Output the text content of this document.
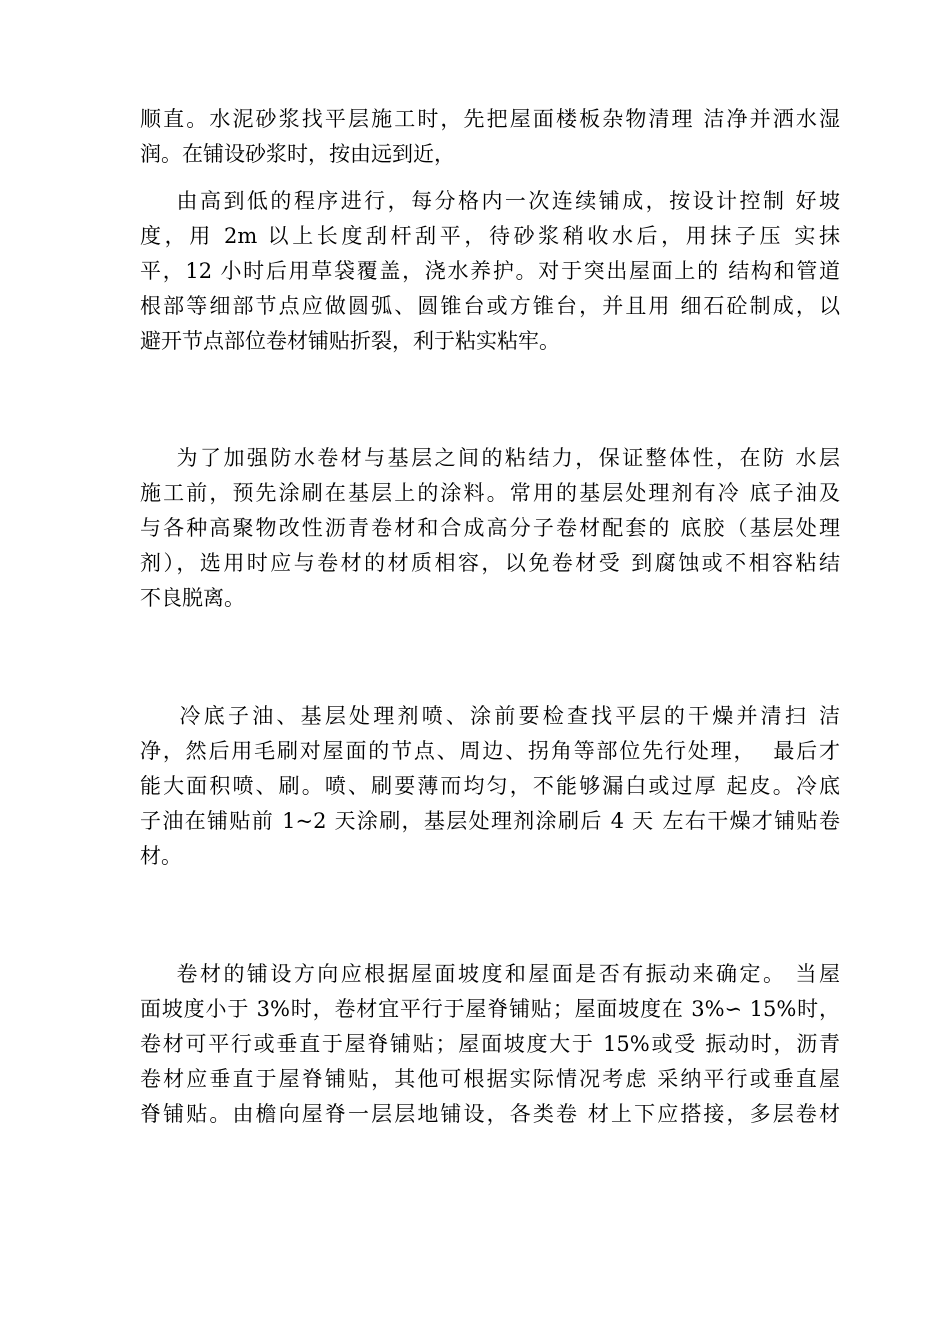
顺直。水泥砂浆找平层施工时，先把屋面楼板杂物清理 洁净并洒水湿
润。在铺设砂浆时，按由远到近，
由高到低的程序进行，每分格内一次连续铺成，按设计控制 好坡
度，用 2m 以上长度刮杆刮平，待砂浆稍收水后，用抹子压 实抹
平，12 小时后用草袋覆盖，浇水养护。对于突出屋面上的 结构和管道
根部等细部节点应做圆弧、圆锥台或方锥台，并且用 细石砼制成，以
避开节点部位卷材铺贴折裂，利于粘实粘牢。
为了加强防水卷材与基层之间的粘结力，保证整体性，在防 水层
施工前，预先涂刷在基层上的涂料。常用的基层处理剂有冷 底子油及
与各种高聚物改性沥青卷材和合成高分子卷材配套的 底胶（基层处理
剂），选用时应与卷材的材质相容，以免卷材受 到腐蚀或不相容粘结
不良脱离。
冷底子油、基层处理剂喷、涂前要检查找平层的干燥并清扫 洁
净，然后用毛刷对屋面的节点、周边、拐角等部位先行处理，  最后才
能大面积喷、刷。喷、刷要薄而均匀，不能够漏白或过厚 起皮。冷底
子油在铺贴前 1~2 天涂刷，基层处理剂涂刷后 4 天 左右干燥才铺贴卷
材。
卷材的铺设方向应根据屋面坡度和屋面是否有振动来确定。 当屋
面坡度小于 3%时，卷材宜平行于屋脊铺贴；屋面坡度在 3%∽ 15%时，
卷材可平行或垂直于屋脊铺贴；屋面坡度大于 15%或受 振动时，沥青
卷材应垂直于屋脊铺贴，其他可根据实际情况考虑 采纳平行或垂直屋
脊铺贴。由檐向屋脊一层层地铺设，各类卷 材上下应搭接，多层卷材
